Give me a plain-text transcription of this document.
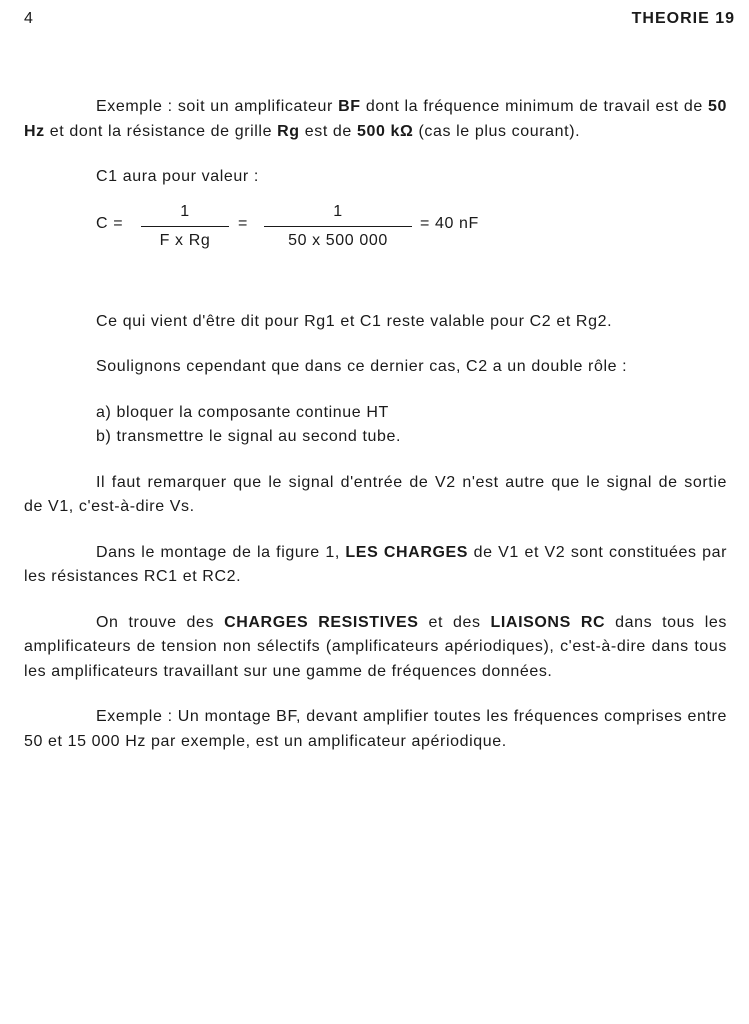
4	THEORIE 19

Exemple : soit un amplificateur BF dont la fréquence minimum de travail est de 50 Hz et dont la résistance de grille Rg est de 500 kΩ (cas le plus courant).

C1 aura pour valeur :

$C = \frac{1}{\text{F x Rg}} = \frac{1}{50 x 500 000} = 40$ nF

Ce qui vient d'être dit pour Rg1 et C1 reste valable pour C2 et Rg2.

Soulignons cependant que dans ce dernier cas, C2 a un double rôle :

a) bloquer la composante continue HT
b) transmettre le signal au second tube.

Il faut remarquer que le signal d'entrée de V2 n'est autre que le signal de sortie de V1, c'est-à-dire Vs.

Dans le montage de la figure 1, LES CHARGES de V1 et V2 sont constituées par les résistances RC1 et RC2.

On trouve des CHARGES RESISTIVES et des LIAISONS RC dans tous les amplificateurs de tension non sélectifs (amplificateurs apériodiques), c'est-à-dire dans tous les amplificateurs travaillant sur une gamme de fréquences données.

Exemple : Un montage BF, devant amplifier toutes les fréquences comprises entre 50 et 15 000 Hz par exemple, est un amplificateur apériodique.
